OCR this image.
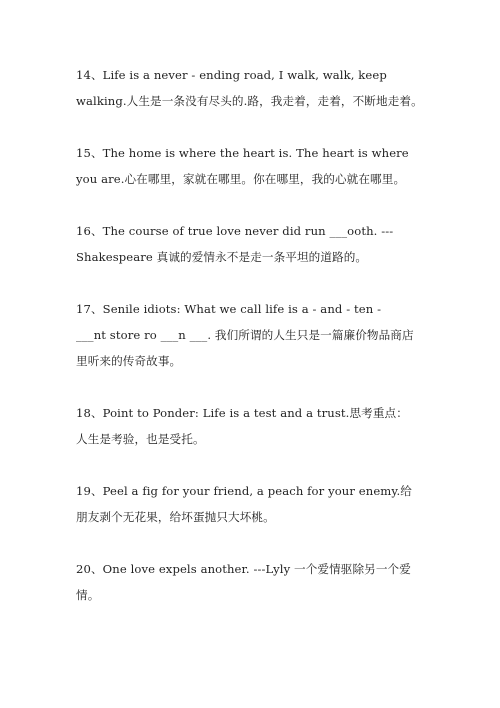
14、Life is a never - ending road, I walk, walk, keep
walking.人生是一条没有尽头的.路，我走着，走着，不断地走着。
15、The home is where the heart is. The heart is where
you are.心在哪里，家就在哪里。你在哪里，我的心就在哪里。
16、The course of true love never did run ___ooth. ---
Shakespeare 真诚的爱情永不是走一条平坦的道路的。
17、Senile idiots: What we call life is a - and - ten -
___nt store ro ___n ___. 我们所谓的人生只是一篇廉价物品商店
里听来的传奇故事。
18、Point to Ponder: Life is a test and a trust.思考重点：
人生是考验，也是受托。
19、Peel a fig for your friend, a peach for your enemy.给
朋友剥个无花果，给坏蛋抛只大坏桃。
20、One love expels another. ---Lyly 一个爱情驱除另一个爱
情。
